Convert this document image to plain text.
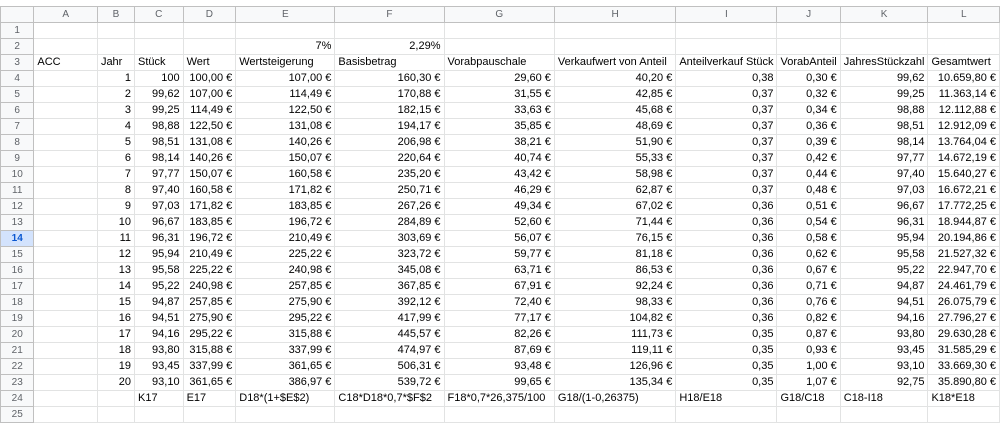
	A	B	C	D	E	F	G	H	I	J	K	L
1												
2					7%	2,29%						
3	ACC	Jahr	Stück	Wert	Wertsteigerung	Basisbetrag	Vorabpauschale	Verkaufwert von Anteil	Anteilverkauf Stück	VorabAnteil	JahresStückzahl	Gesamtwert
4		1	100	100,00 €	107,00 €	160,30 €	29,60 €	40,20 €	0,38	0,30 €	99,62	10.659,80 €
5		2	99,62	107,00 €	114,49 €	170,88 €	31,55 €	42,85 €	0,37	0,32 €	99,25	11.363,14 €
6		3	99,25	114,49 €	122,50 €	182,15 €	33,63 €	45,68 €	0,37	0,34 €	98,88	12.112,88 €
7		4	98,88	122,50 €	131,08 €	194,17 €	35,85 €	48,69 €	0,37	0,36 €	98,51	12.912,09 €
8		5	98,51	131,08 €	140,26 €	206,98 €	38,21 €	51,90 €	0,37	0,39 €	98,14	13.764,04 €
9		6	98,14	140,26 €	150,07 €	220,64 €	40,74 €	55,33 €	0,37	0,42 €	97,77	14.672,19 €
10		7	97,77	150,07 €	160,58 €	235,20 €	43,42 €	58,98 €	0,37	0,44 €	97,40	15.640,27 €
11		8	97,40	160,58 €	171,82 €	250,71 €	46,29 €	62,87 €	0,37	0,48 €	97,03	16.672,21 €
12		9	97,03	171,82 €	183,85 €	267,26 €	49,34 €	67,02 €	0,36	0,51 €	96,67	17.772,25 €
13		10	96,67	183,85 €	196,72 €	284,89 €	52,60 €	71,44 €	0,36	0,54 €	96,31	18.944,87 €
14		11	96,31	196,72 €	210,49 €	303,69 €	56,07 €	76,15 €	0,36	0,58 €	95,94	20.194,86 €
15		12	95,94	210,49 €	225,22 €	323,72 €	59,77 €	81,18 €	0,36	0,62 €	95,58	21.527,32 €
16		13	95,58	225,22 €	240,98 €	345,08 €	63,71 €	86,53 €	0,36	0,67 €	95,22	22.947,70 €
17		14	95,22	240,98 €	257,85 €	367,85 €	67,91 €	92,24 €	0,36	0,71 €	94,87	24.461,79 €
18		15	94,87	257,85 €	275,90 €	392,12 €	72,40 €	98,33 €	0,36	0,76 €	94,51	26.075,79 €
19		16	94,51	275,90 €	295,22 €	417,99 €	77,17 €	104,82 €	0,36	0,82 €	94,16	27.796,27 €
20		17	94,16	295,22 €	315,88 €	445,57 €	82,26 €	111,73 €	0,35	0,87 €	93,80	29.630,28 €
21		18	93,80	315,88 €	337,99 €	474,97 €	87,69 €	119,11 €	0,35	0,93 €	93,45	31.585,29 €
22		19	93,45	337,99 €	361,65 €	506,31 €	93,48 €	126,96 €	0,35	1,00 €	93,10	33.669,30 €
23		20	93,10	361,65 €	386,97 €	539,72 €	99,65 €	135,34 €	0,35	1,07 €	92,75	35.890,80 €
24			K17	E17	D18*(1+$E$2)	C18*D18*0,7*$F$2	F18*0,7*26,375/100	G18/(1-0,26375)	H18/E18	G18/C18	C18-I18	K18*E18
25												
